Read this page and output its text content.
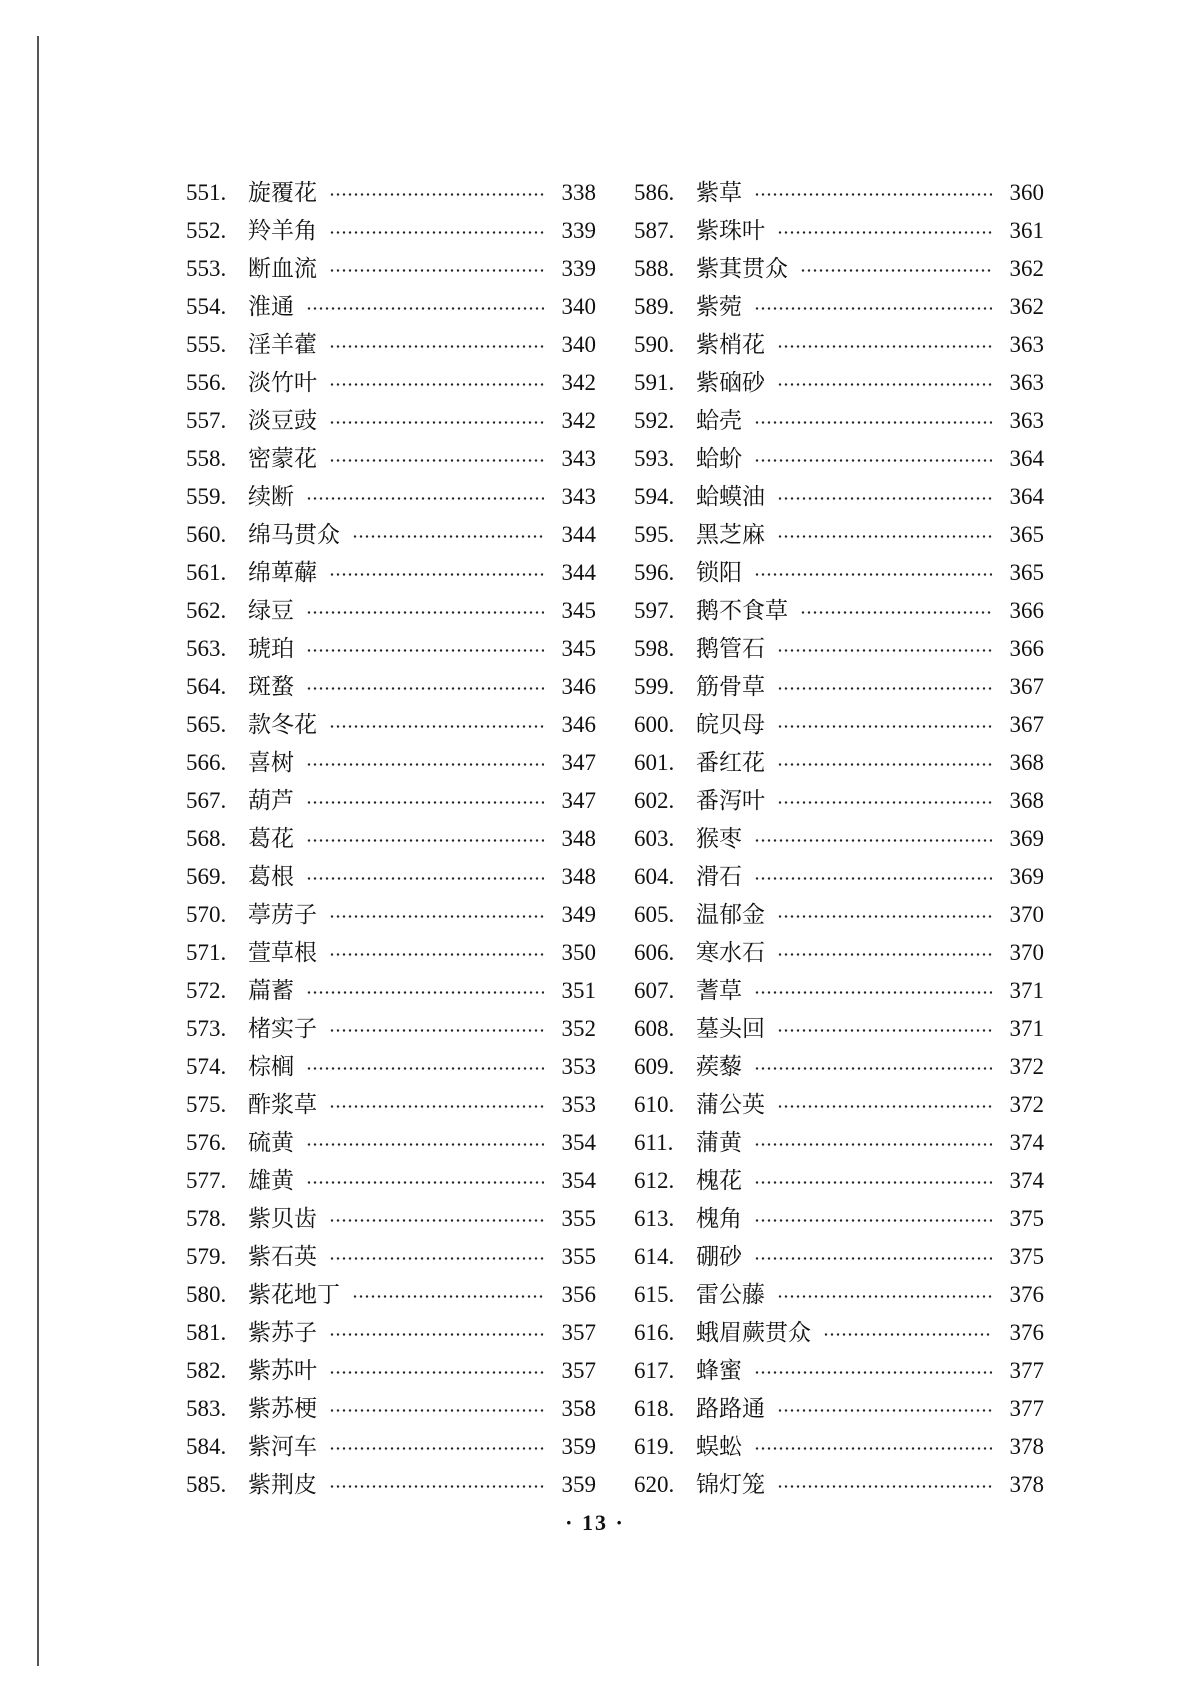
551. 旋覆花	338
552. 羚羊角	339
553. 断血流	339
554. 淮通	340
555. 淫羊藿	340
556. 淡竹叶	342
557. 淡豆豉	342
558. 密蒙花	343
559. 续断	343
560. 绵马贯众	344
561. 绵萆薢	344
562. 绿豆	345
563. 琥珀	345
564. 斑蝥	346
565. 款冬花	346
566. 喜树	347
567. 葫芦	347
568. 葛花	348
569. 葛根	348
570. 葶苈子	349
571. 萱草根	350
572. 萹蓄	351
573. 楮实子	352
574. 棕榈	353
575. 酢浆草	353
576. 硫黄	354
577. 雄黄	354
578. 紫贝齿	355
579. 紫石英	355
580. 紫花地丁	356
581. 紫苏子	357
582. 紫苏叶	357
583. 紫苏梗	358
584. 紫河车	359
585. 紫荆皮	359
586. 紫草	360
587. 紫珠叶	361
588. 紫萁贯众	362
589. 紫菀	362
590. 紫梢花	363
591. 紫硇砂	363
592. 蛤壳	363
593. 蛤蚧	364
594. 蛤蟆油	364
595. 黑芝麻	365
596. 锁阳	365
597. 鹅不食草	366
598. 鹅管石	366
599. 筋骨草	367
600. 皖贝母	367
601. 番红花	368
602. 番泻叶	368
603. 猴枣	369
604. 滑石	369
605. 温郁金	370
606. 寒水石	370
607. 蓍草	371
608. 墓头回	371
609. 蒺藜	372
610. 蒲公英	372
611. 蒲黄	374
612. 槐花	374
613. 槐角	375
614. 硼砂	375
615. 雷公藤	376
616. 蛾眉蕨贯众	376
617. 蜂蜜	377
618. 路路通	377
619. 蜈蚣	378
620. 锦灯笼	378
· 13 ·
